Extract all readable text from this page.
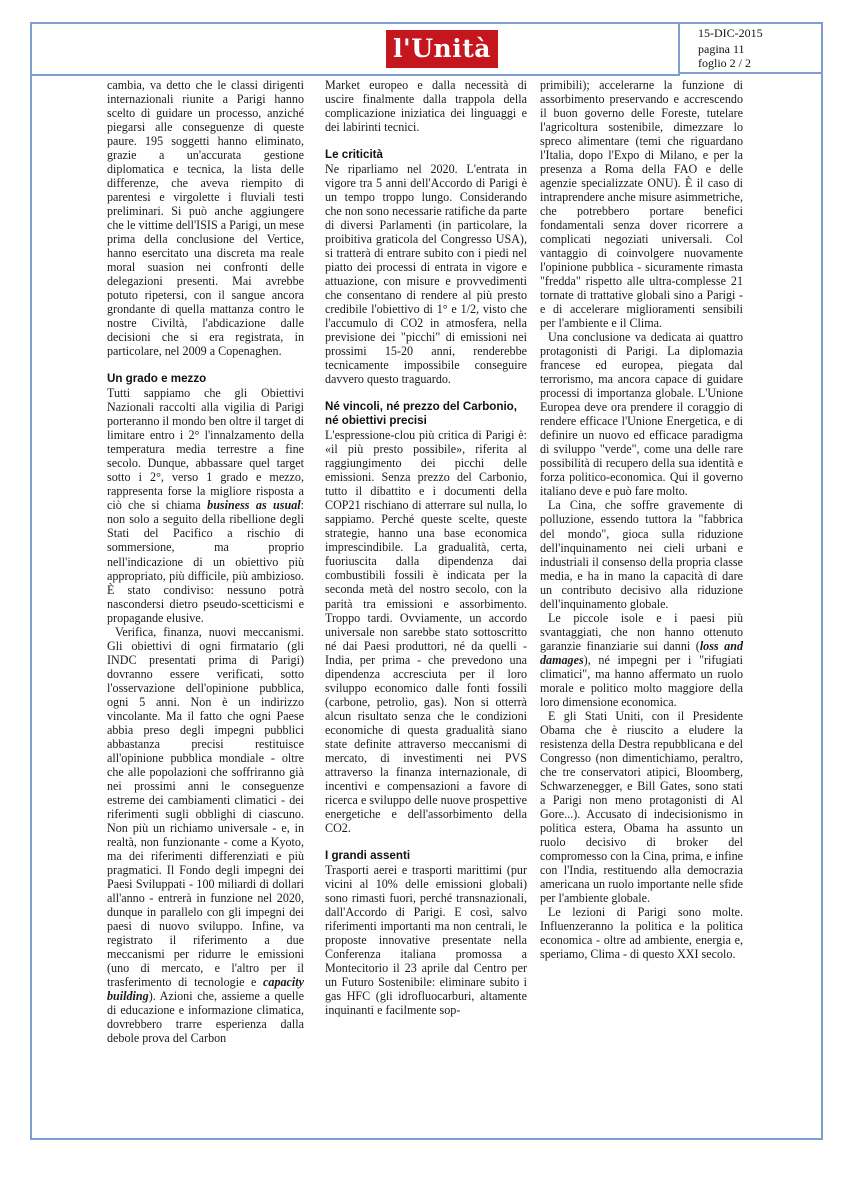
l'Unità
15-DIC-2015
pagina 11
foglio 2 / 2

cambia, va detto che le classi dirigenti internazionali riunite a Parigi hanno scelto di guidare un processo, anziché piegarsi alle conseguenze di queste paure. 195 soggetti hanno eliminato, grazie a un'accurata gestione diplomatica e tecnica, la lista delle differenze, che aveva riempito di parentesi e virgolette i fluviali testi preliminari. Si può anche aggiungere che le vittime dell'ISIS a Parigi, un mese prima della conclusione del Vertice, hanno esercitato una discreta ma reale moral suasion nei confronti delle delegazioni presenti. Mai avrebbe potuto ripetersi, con il sangue ancora grondante di quella mattanza contro le nostre Civiltà, l'abdicazione dalle decisioni che si era registrata, in particolare, nel 2009 a Copenaghen.

Un grado e mezzo

Tutti sappiamo che gli Obiettivi Nazionali raccolti alla vigilia di Parigi porteranno il mondo ben oltre il target di limitare entro i 2° l'innalzamento della temperatura media terrestre a fine secolo. Dunque, abbassare quel target sotto i 2°, verso 1 grado e mezzo, rappresenta forse la migliore risposta a ciò che si chiama business as usual: non solo a seguito della ribellione degli Stati del Pacifico a rischio di sommersione, ma proprio nell'indicazione di un obiettivo più appropriato, più difficile, più ambizioso. È stato condiviso: nessuno potrà nascondersi dietro pseudo-scetticismi e propagande elusive.

Verifica, finanza, nuovi meccanismi. Gli obiettivi di ogni firmatario (gli INDC presentati prima di Parigi) dovranno essere verificati, sotto l'osservazione dell'opinione pubblica, ogni 5 anni. Non è un indirizzo vincolante. Ma il fatto che ogni Paese abbia preso degli impegni pubblici abbastanza precisi restituisce all'opinione pubblica mondiale - oltre che alle popolazioni che soffriranno già nei prossimi anni le conseguenze estreme dei cambiamenti climatici - dei riferimenti sugli obblighi di ciascuno. Non più un richiamo universale - e, in realtà, non funzionante - come a Kyoto, ma dei riferimenti differenziati e più pragmatici. Il Fondo degli impegni dei Paesi Sviluppati - 100 miliardi di dollari all'anno - entrerà in funzione nel 2020, dunque in parallelo con gli impegni dei paesi di nuovo sviluppo. Infine, va registrato il riferimento a due meccanismi per ridurre le emissioni (uno di mercato, e l'altro per il trasferimento di tecnologie e capacity building). Azioni che, assieme a quelle di educazione e informazione climatica, dovrebbero trarre esperienza dalla debole prova del Carbon

Market europeo e dalla necessità di uscire finalmente dalla trappola della complicazione iniziatica dei linguaggi e dei labirinti tecnici.

Le criticità

Ne riparliamo nel 2020. L'entrata in vigore tra 5 anni dell'Accordo di Parigi è un tempo troppo lungo. Considerando che non sono necessarie ratifiche da parte di diversi Parlamenti (in particolare, la proibitiva graticola del Congresso USA), si tratterà di entrare subito con i piedi nel piatto dei processi di entrata in vigore e attuazione, con misure e provvedimenti che consentano di rendere al più presto credibile l'obiettivo di 1° e 1/2, visto che l'accumulo di CO2 in atmosfera, nella previsione dei "picchi" di emissioni nei prossimi 15-20 anni, renderebbe tecnicamente impossibile conseguire davvero questo traguardo.

Né vincoli, né prezzo del Carbonio, né obiettivi precisi

L'espressione-clou più critica di Parigi è: «il più presto possibile», riferita al raggiungimento dei picchi delle emissioni. Senza prezzo del Carbonio, tutto il dibattito e i documenti della COP21 rischiano di atterrare sul nulla, lo sappiamo. Perché queste scelte, queste strategie, hanno una base economica imprescindibile. La gradualità, certa, fuoriuscita dalla dipendenza dai combustibili fossili è indicata per la seconda metà del nostro secolo, con la parità tra emissioni e assorbimento. Troppo tardi. Ovviamente, un accordo universale non sarebbe stato sottoscritto né dai Paesi produttori, né da quelli - India, per prima - che prevedono una dipendenza accresciuta per il loro sviluppo economico dalle fonti fossili (carbone, petrolio, gas). Non si otterrà alcun risultato senza che le condizioni economiche di questa gradualità siano state definite attraverso meccanismi di mercato, di investimenti nei PVS attraverso la finanza internazionale, di incentivi e compensazioni a favore di ricerca e sviluppo delle nuove prospettive energetiche e dell'assorbimento della CO2.

I grandi assenti

Trasporti aerei e trasporti marittimi (pur vicini al 10% delle emissioni globali) sono rimasti fuori, perché transnazionali, dall'Accordo di Parigi. E così, salvo riferimenti importanti ma non centrali, le proposte innovative presentate nella Conferenza italiana promossa a Montecitorio il 23 aprile dal Centro per un Futuro Sostenibile: eliminare subito i gas HFC (gli idrofluocarburi, altamente inquinanti e facilmente sop-

primibili); accelerarne la funzione di assorbimento preservando e accrescendo il buon governo delle Foreste, tutelare l'agricoltura sostenibile, dimezzare lo spreco alimentare (temi che riguardano l'Italia, dopo l'Expo di Milano, e per la presenza a Roma della FAO e delle agenzie specializzate ONU). È il caso di intraprendere anche misure asimmetriche, che potrebbero portare benefici fondamentali senza dover ricorrere a complicati negoziati universali. Col vantaggio di coinvolgere nuovamente l'opinione pubblica - sicuramente rimasta "fredda" rispetto alle ultra-complesse 21 tornate di trattative globali sino a Parigi - e di accelerare miglioramenti sensibili per l'ambiente e il Clima.

Una conclusione va dedicata ai quattro protagonisti di Parigi. La diplomazia francese ed europea, piegata dal terrorismo, ma ancora capace di guidare processi di importanza globale. L'Unione Europea deve ora prendere il coraggio di rendere efficace l'Unione Energetica, e di definire un nuovo ed efficace paradigma di sviluppo "verde", come una delle rare possibilità di recupero della sua identità e forza politico-economica. Qui il governo italiano deve e può fare molto.

La Cina, che soffre gravemente di polluzione, essendo tuttora la "fabbrica del mondo", gioca sulla riduzione dell'inquinamento nei cieli urbani e industriali il consenso della propria classe media, e ha in mano la capacità di dare un contributo decisivo alla riduzione dell'inquinamento globale.

Le piccole isole e i paesi più svantaggiati, che non hanno ottenuto garanzie finanziarie sui danni (loss and damages), né impegni per i "rifugiati climatici", ma hanno affermato un ruolo morale e politico molto maggiore della loro dimensione economica.

E gli Stati Uniti, con il Presidente Obama che è riuscito a eludere la resistenza della Destra repubblicana e del Congresso (non dimentichiamo, peraltro, che tre conservatori atipici, Bloomberg, Schwarzenegger, e Bill Gates, sono stati a Parigi non meno protagonisti di Al Gore...). Accusato di indecisionismo in politica estera, Obama ha assunto un ruolo decisivo di broker del compromesso con la Cina, prima, e infine con l'India, restituendo alla democrazia americana un ruolo importante nelle sfide per l'ambiente globale.

Le lezioni di Parigi sono molte. Influenzeranno la politica e la politica economica - oltre ad ambiente, energia e, speriamo, Clima - di questo XXI secolo.
